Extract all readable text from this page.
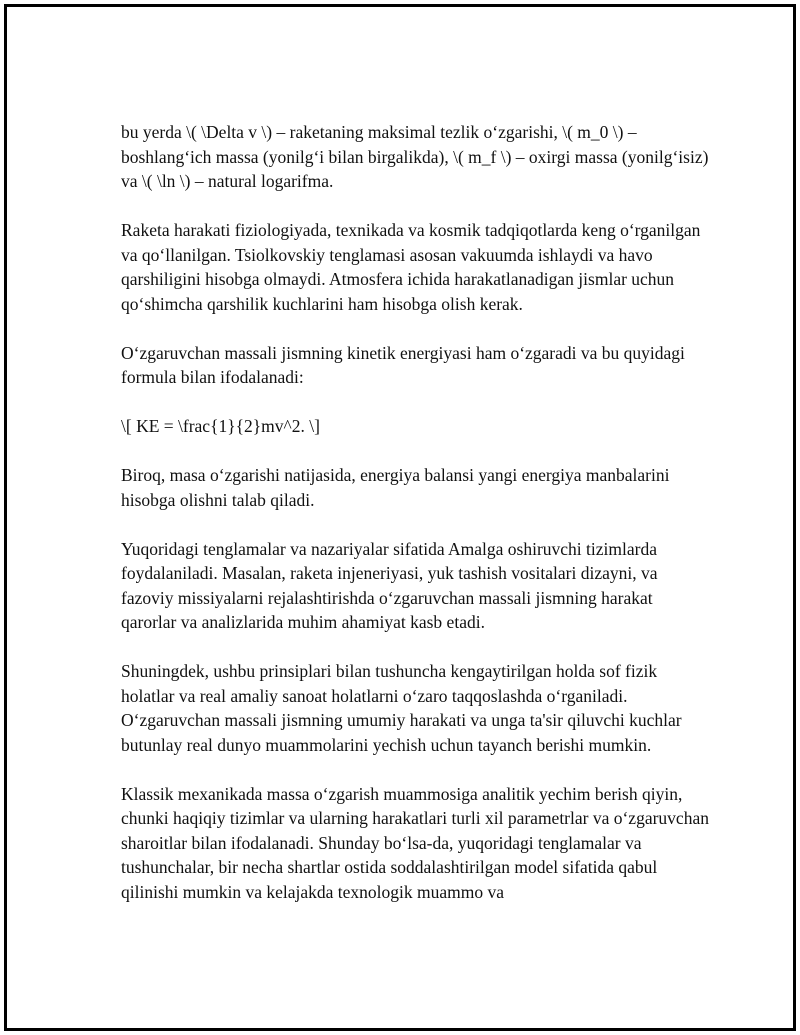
bu yerda \( \Delta v \) – raketaning maksimal tezlik o‘zgarishi, \( m_0 \) – boshlang‘ich massa (yonilg‘i bilan birgalikda), \( m_f \) – oxirgi massa (yonilg‘isiz) va \( \ln \) – natural logarifma.

Raketa harakati fiziologiyada, texnikada va kosmik tadqiqotlarda keng o‘rganilgan va qo‘llanilgan. Tsiolkovskiy tenglamasi asosan vakuumda ishlaydi va havo qarshiligini hisobga olmaydi. Atmosfera ichida harakatlanadigan jismlar uchun qo‘shimcha qarshilik kuchlarini ham hisobga olish kerak.

O‘zgaruvchan massali jismning kinetik energiyasi ham o‘zgaradi va bu quyidagi formula bilan ifodalanadi:

\[ KE = \frac{1}{2}mv^2. \]

Biroq, masa o‘zgarishi natijasida, energiya balansi yangi energiya manbalarini hisobga olishni talab qiladi.

Yuqoridagi tenglamalar va nazariyalar sifatida Amalga oshiruvchi tizimlarda foydalaniladi. Masalan, raketa injeneriyasi, yuk tashish vositalari dizayni, va fazoviy missiyalarni rejalashtirishda o‘zgaruvchan massali jismning harakat qarorlar va analizlarida muhim ahamiyat kasb etadi.

Shuningdek, ushbu prinsiplari bilan tushuncha kengaytirilgan holda sof fizik holatlar va real amaliy sanoat holatlarni o‘zaro taqqoslashda o‘rganiladi. O‘zgaruvchan massali jismning umumiy harakati va unga ta'sir qiluvchi kuchlar butunlay real dunyo muammolarini yechish uchun tayanch berishi mumkin.

Klassik mexanikada massa o‘zgarish muammosiga analitik yechim berish qiyin, chunki haqiqiy tizimlar va ularning harakatlari turli xil parametrlar va o‘zgaruvchan sharoitlar bilan ifodalanadi. Shunday bo‘lsa-da, yuqoridagi tenglamalar va tushunchalar, bir necha shartlar ostida soddalashtirilgan model sifatida qabul qilinishi mumkin va kelajakda texnologik muammo va
